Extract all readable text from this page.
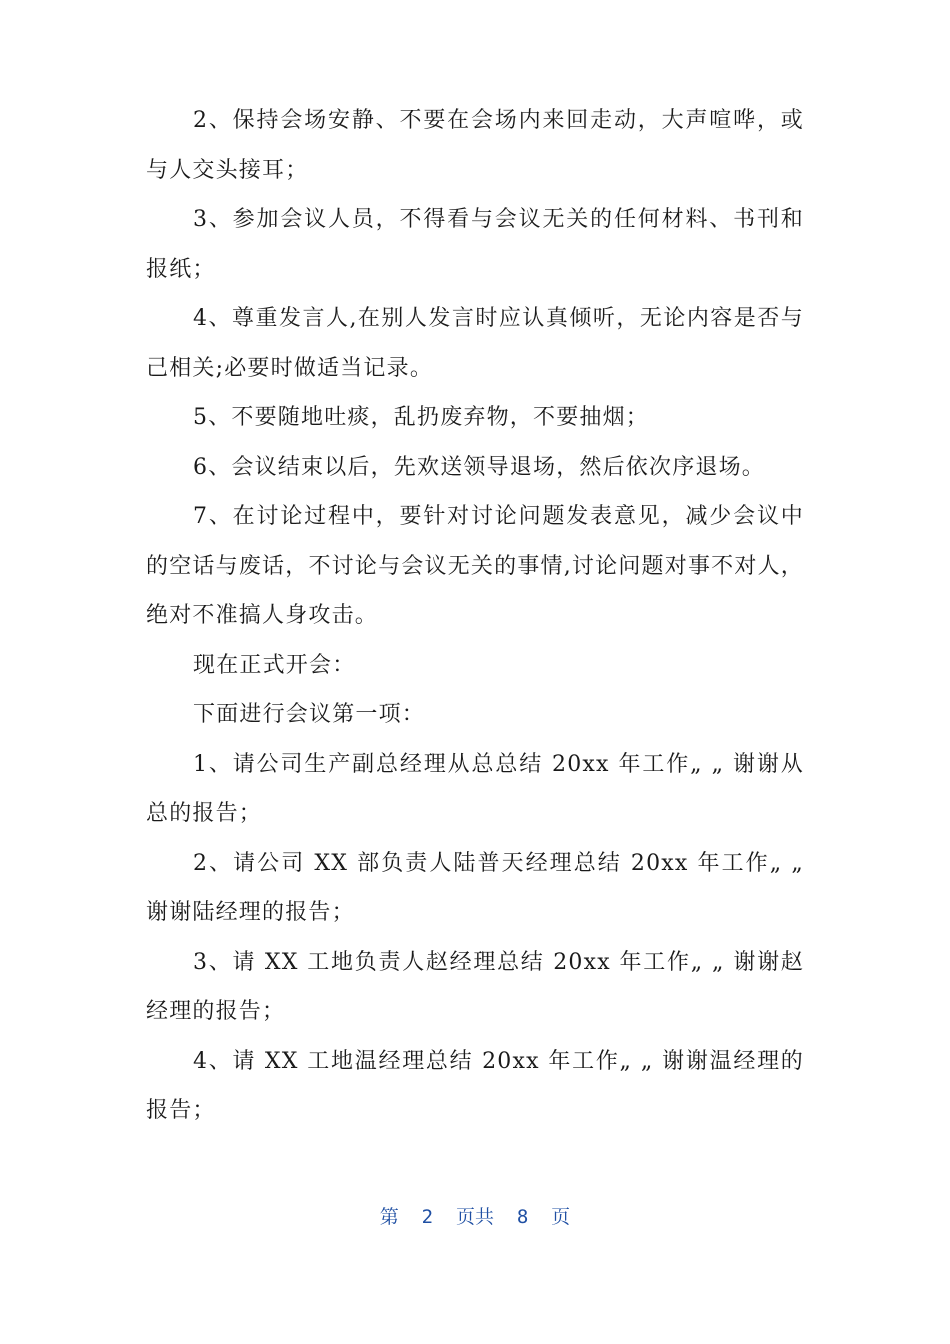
2、保持会场安静、不要在会场内来回走动，大声喧哗，或与人交头接耳；

3、参加会议人员，不得看与会议无关的任何材料、书刊和报纸；

4、尊重发言人,在别人发言时应认真倾听，无论内容是否与己相关;必要时做适当记录。

5、不要随地吐痰，乱扔废弃物，不要抽烟；

6、会议结束以后，先欢送领导退场，然后依次序退场。

7、在讨论过程中，要针对讨论问题发表意见，减少会议中的空话与废话，不讨论与会议无关的事情,讨论问题对事不对人，绝对不准搞人身攻击。

现在正式开会：

下面进行会议第一项：

1、请公司生产副总经理从总总结 20xx 年工作„ „ 谢谢从总的报告；

2、请公司 XX 部负责人陆普天经理总结 20xx 年工作„ „ 谢谢陆经理的报告；

3、请 XX 工地负责人赵经理总结 20xx 年工作„ „ 谢谢赵经理的报告；

4、请 XX 工地温经理总结 20xx 年工作„ „ 谢谢温经理的报告；

第  2  页共  8  页
